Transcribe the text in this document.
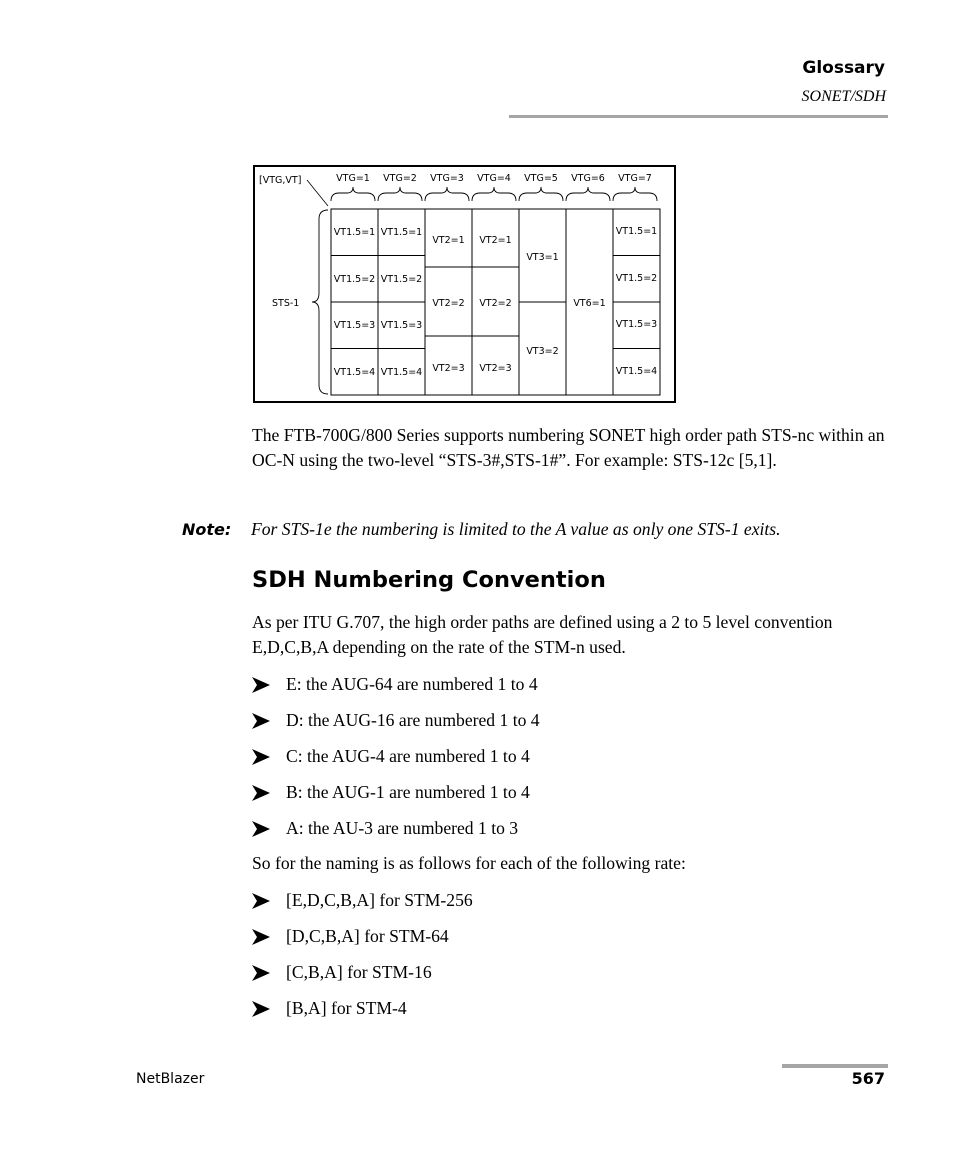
Glossary
SONET/SDH
[VTG,VT]	VTG=1 VTG=2 VTG=3 VTG=4 VTG=5 VTG=6 VTG=7
STS-1
VT1.5=1
VT1.5=2
VT1.5=3
VT1.5=4
VT1.5=1
VT1.5=2
VT1.5=3
VT1.5=4
VT2=1
VT2=2
VT2=3
VT2=1
VT2=2
VT2=3
VT3=1
VT3=2
VT6=1
VT1.5=1
VT1.5=2
VT1.5=3
VT1.5=4

The FTB-700G/800 Series supports numbering SONET high order path STS-nc within an OC-N using the two-level “STS-3#,STS-1#”. For example: STS-12c [5,1].

Note: For STS-1e the numbering is limited to the A value as only one STS-1 exits.
SDH Numbering Convention

As per ITU G.707, the high order paths are defined using a 2 to 5 level convention E,D,C,B,A depending on the rate of the STM-n used.

E: the AUG-64 are numbered 1 to 4
D: the AUG-16 are numbered 1 to 4
C: the AUG-4 are numbered 1 to 4
B: the AUG-1 are numbered 1 to 4
A: the AU-3 are numbered 1 to 3

So for the naming is as follows for each of the following rate:

[E,D,C,B,A] for STM-256
[D,C,B,A] for STM-64
[C,B,A] for STM-16
[B,A] for STM-4
NetBlazer	567
